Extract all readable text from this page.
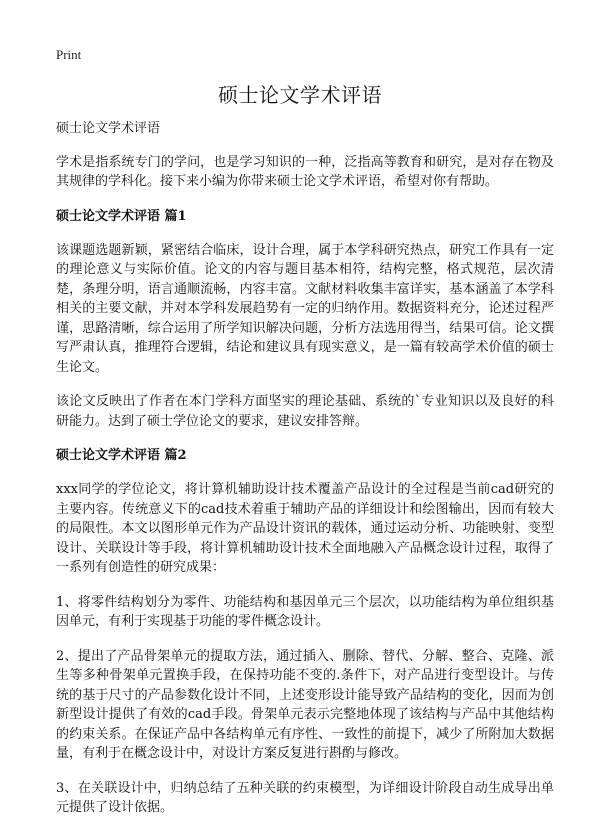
Print
硕士论文学术评语

硕士论文学术评语

学术是指系统专门的学问，也是学习知识的一种，泛指高等教育和研究，是对存在物及其规律的学科化。接下来小编为你带来硕士论文学术评语，希望对你有帮助。

硕士论文学术评语 篇1

该课题选题新颖，紧密结合临床，设计合理，属于本学科研究热点，研究工作具有一定的理论意义与实际价值。论文的内容与题目基本相符，结构完整，格式规范，层次清楚，条理分明，语言通顺流畅，内容丰富。文献材料收集丰富详实，基本涵盖了本学科相关的主要文献，并对本学科发展趋势有一定的归纳作用。数据资料充分，论述过程严谨，思路清晰，综合运用了所学知识解决问题，分析方法选用得当，结果可信。论文撰写严肃认真，推理符合逻辑，结论和建议具有现实意义，是一篇有较高学术价值的硕士生论文。

该论文反映出了作者在本门学科方面坚实的理论基础、系统的`专业知识以及良好的科研能力。达到了硕士学位论文的要求，建议安排答辩。

硕士论文学术评语 篇2

xxx同学的学位论文，将计算机辅助设计技术覆盖产品设计的全过程是当前cad研究的主要内容。传统意义下的cad技术着重于辅助产品的详细设计和绘图输出，因而有较大的局限性。本文以图形单元作为产品设计资讯的载体，通过运动分析、功能映射、变型设计、关联设计等手段，将计算机辅助设计技术全面地融入产品概念设计过程，取得了一系列有创造性的研究成果：

1、将零件结构划分为零件、功能结构和基因单元三个层次，以功能结构为单位组织基因单元，有利于实现基于功能的零件概念设计。

2、提出了产品骨架单元的提取方法，通过插入、删除、替代、分解、整合、克隆、派生等多种骨架单元置换手段，在保持功能不变的.条件下，对产品进行变型设计。与传统的基于尺寸的产品参数化设计不同，上述变形设计能导致产品结构的变化，因而为创新型设计提供了有效的cad手段。骨架单元表示完整地体现了该结构与产品中其他结构的约束关系。在保证产品中各结构单元有序性、一致性的前提下，减少了所附加大数据量，有利于在概念设计中，对设计方案反复进行斟酌与修改。

3、在关联设计中，归纳总结了五种关联的约束模型，为详细设计阶段自动生成导出单元提供了设计依据。
